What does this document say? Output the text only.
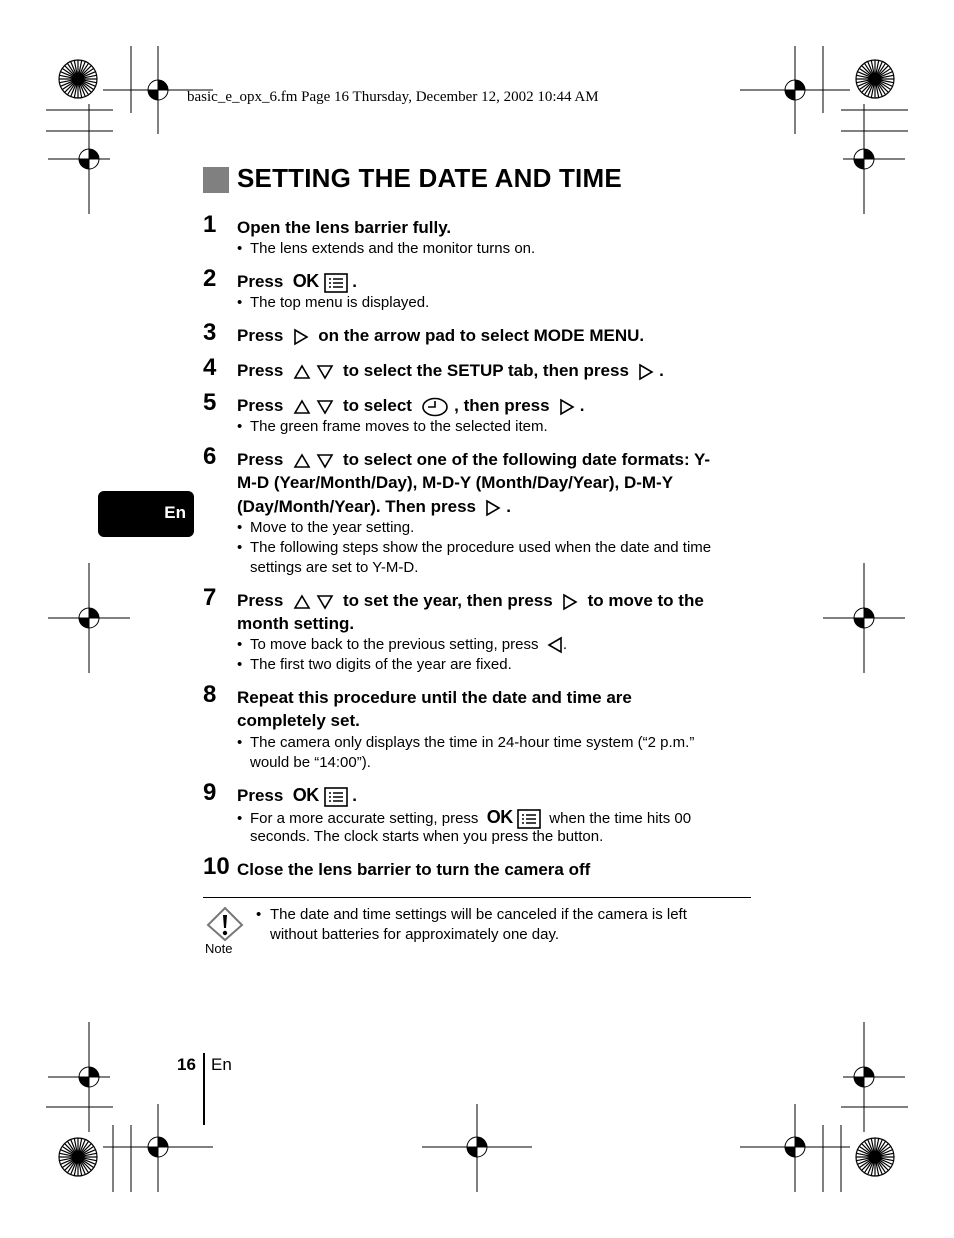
basic_e_opx_6.fm Page 16 Thursday, December 12, 2002 10:44 AM
SETTING THE DATE AND TIME
En
1 Open the lens barrier fully.
• The lens extends and the monitor turns on.
2 Press OK .
• The top menu is displayed.
3 Press on the arrow pad to select MODE MENU.
4 Press	to select the SETUP tab, then press .
5 Press	to select , then press .
• The green frame moves to the selected item.
6 Press	to select one of the following date formats: Y-
M-D (Year/Month/Day), M-D-Y (Month/Day/Year), D-M-Y
(Day/Month/Year). Then press .
• Move to the year setting.
• The following steps show the procedure used when the date and time
settings are set to Y-M-D.
7 Press	to set the year, then press to move to the
month setting.
• To move back to the previous setting, press .
• The first two digits of the year are fixed.
8 Repeat this procedure until the date and time are
completely set.
• The camera only displays the time in 24-hour time system (“2 p.m.”
would be “14:00”).
9 Press OK .
• For a more accurate setting, press OK when the time hits 00
seconds. The clock starts when you press the button.
10 Close the lens barrier to turn the camera off
Note
• The date and time settings will be canceled if the camera is left
without batteries for approximately one day.
16 En
